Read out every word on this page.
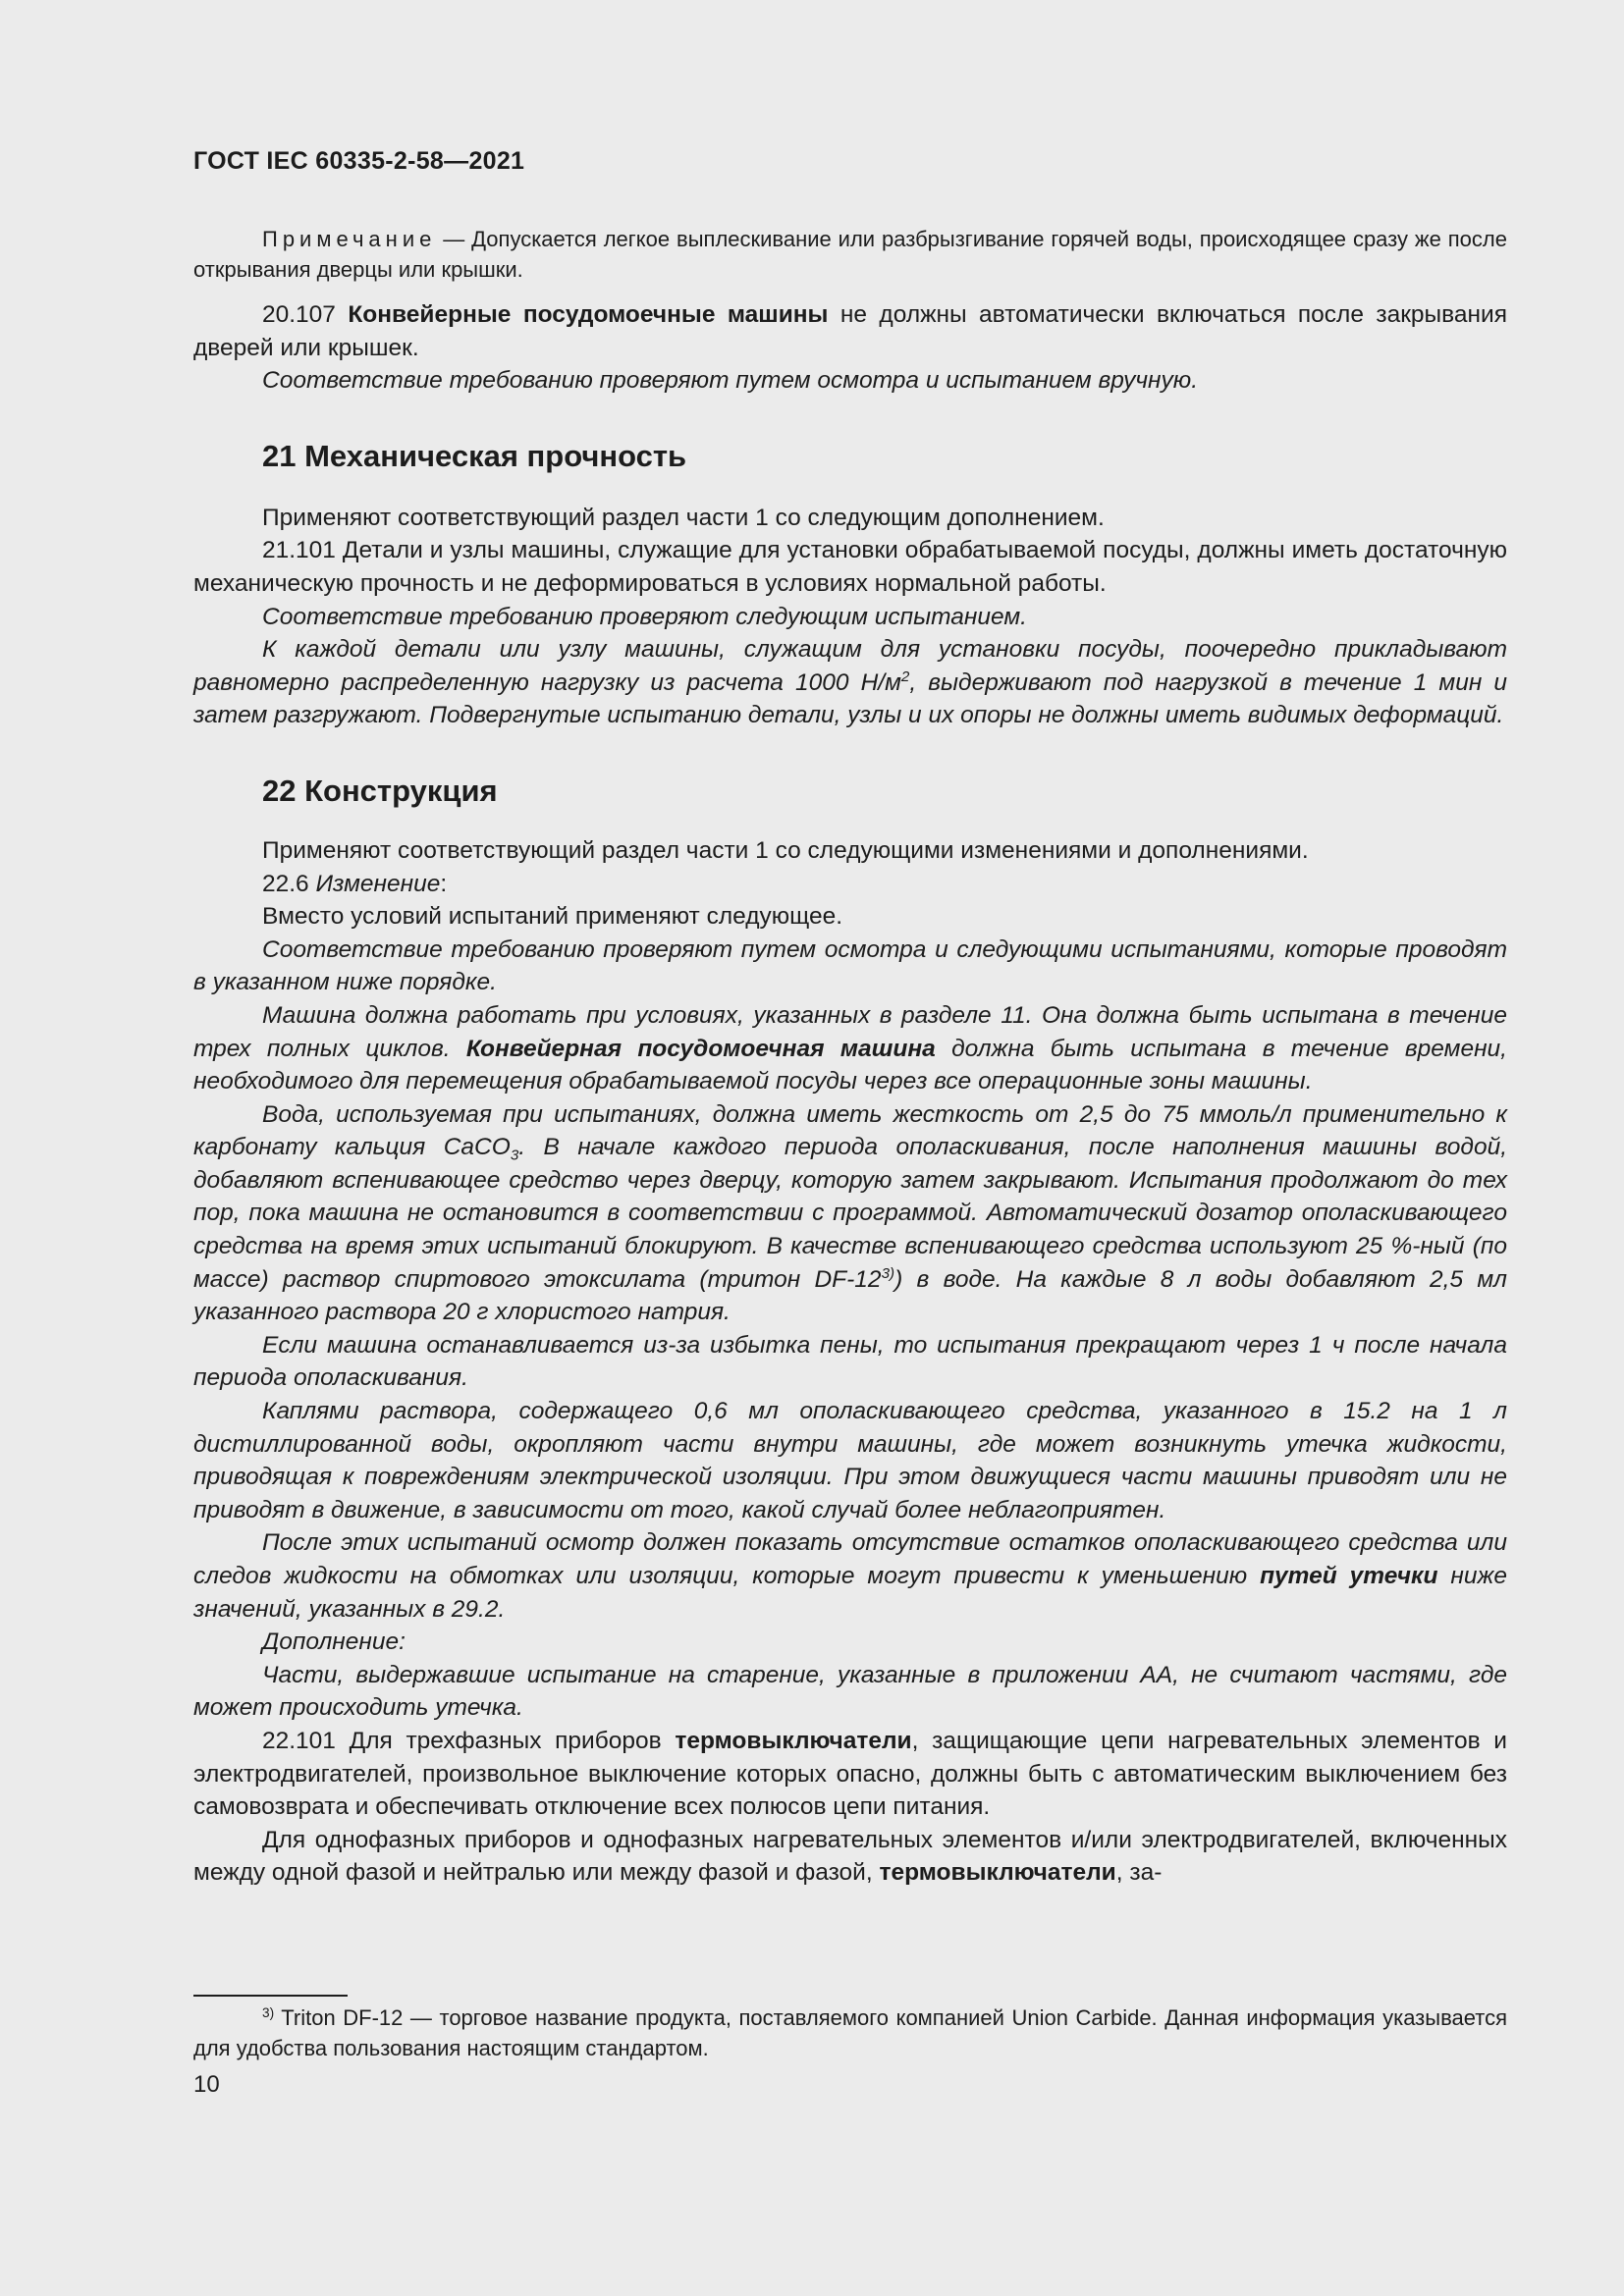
ГОСТ IEC 60335-2-58—2021

Примечание — Допускается легкое выплескивание или разбрызгивание горячей воды, происходящее сразу же после открывания дверцы или крышки.

20.107 Конвейерные посудомоечные машины не должны автоматически включаться после закрывания дверей или крышек.

Соответствие требованию проверяют путем осмотра и испытанием вручную.

21 Механическая прочность

Применяют соответствующий раздел части 1 со следующим дополнением.

21.101 Детали и узлы машины, служащие для установки обрабатываемой посуды, должны иметь достаточную механическую прочность и не деформироваться в условиях нормальной работы.

Соответствие требованию проверяют следующим испытанием.

К каждой детали или узлу машины, служащим для установки посуды, поочередно прикладывают равномерно распределенную нагрузку из расчета 1000 $Н/м^2$, выдерживают под нагрузкой в течение 1 мин и затем разгружают. Подвергнутые испытанию детали, узлы и их опоры не должны иметь видимых деформаций.

22 Конструкция

Применяют соответствующий раздел части 1 со следующими изменениями и дополнениями.

22.6 Изменение:

Вместо условий испытаний применяют следующее.

Соответствие требованию проверяют путем осмотра и следующими испытаниями, которые проводят в указанном ниже порядке.

Машина должна работать при условиях, указанных в разделе 11. Она должна быть испытана в течение трех полных циклов. Конвейерная посудомоечная машина должна быть испытана в течение времени, необходимого для перемещения обрабатываемой посуды через все операционные зоны машины.

Вода, используемая при испытаниях, должна иметь жесткость от 2,5 до 75 ммоль/л применительно к карбонату кальция CaCO$_3$. В начале каждого периода ополаскивания, после наполнения машины водой, добавляют вспенивающее средство через дверцу, которую затем закрывают. Испытания продолжают до тех пор, пока машина не остановится в соответствии с программой. Автоматический дозатор ополаскивающего средства на время этих испытаний блокируют. В качестве вспенивающего средства используют 25 %-ный (по массе) раствор спиртового этоксилата (тритон DF-12$^{3)}$) в воде. На каждые 8 л воды добавляют 2,5 мл указанного раствора 20 г хлористого натрия.

Если машина останавливается из-за избытка пены, то испытания прекращают через 1 ч после начала периода ополаскивания.

Каплями раствора, содержащего 0,6 мл ополаскивающего средства, указанного в 15.2 на 1 л дистиллированной воды, окропляют части внутри машины, где может возникнуть утечка жидкости, приводящая к повреждениям электрической изоляции. При этом движущиеся части машины приводят или не приводят в движение, в зависимости от того, какой случай более неблагоприятен.

После этих испытаний осмотр должен показать отсутствие остатков ополаскивающего средства или следов жидкости на обмотках или изоляции, которые могут привести к уменьшению путей утечки ниже значений, указанных в 29.2.

Дополнение:

Части, выдержавшие испытание на старение, указанные в приложении АА, не считают частями, где может происходить утечка.

22.101 Для трехфазных приборов термовыключатели, защищающие цепи нагревательных элементов и электродвигателей, произвольное выключение которых опасно, должны быть с автоматическим выключением без самовозврата и обеспечивать отключение всех полюсов цепи питания.

Для однофазных приборов и однофазных нагревательных элементов и/или электродвигателей, включенных между одной фазой и нейтралью или между фазой и фазой, термовыключатели, за-

$^{3)}$ Triton DF-12 — торговое название продукта, поставляемого компанией Union Carbide. Данная информация указывается для удобства пользования настоящим стандартом.
10
